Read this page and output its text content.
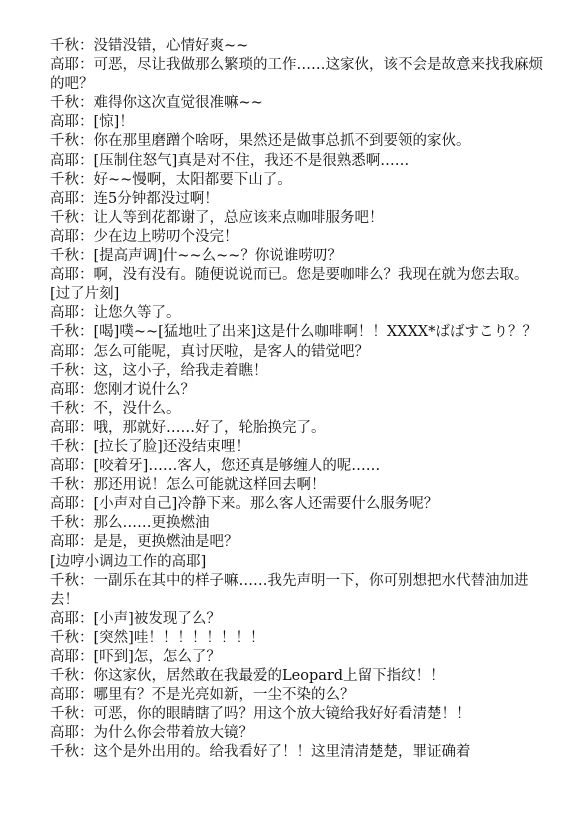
千秋：没错没错，心情好爽~~

高耶：可恶，尽让我做那么繁琐的工作……这家伙，该不会是故意来找我麻烦的吧？

千秋：难得你这次直觉很准嘛~~

高耶：[惊]！

千秋：你在那里磨蹭个啥呀，果然还是做事总抓不到要领的家伙。

高耶：[压制住怒气]真是对不住，我还不是很熟悉啊……

千秋：好~~慢啊，太阳都要下山了。

高耶：连5分钟都没过啊！

千秋：让人等到花都谢了，总应该来点咖啡服务吧！

高耶：少在边上唠叨个没完！

千秋：[提高声调]什~~么~~？你说谁唠叨？

高耶：啊，没有没有。随便说说而已。您是要咖啡么？我现在就为您去取。

[过了片刻]

高耶：让您久等了。

千秋：[喝]噗~~[猛地吐了出来]这是什么咖啡啊！！XXXX*ばばすこり？？

高耶：怎么可能呢，真讨厌啦，是客人的错觉吧？

千秋：这，这小子，给我走着瞧！

高耶：您刚才说什么？

千秋：不，没什么。

高耶：哦，那就好……好了，轮胎换完了。

千秋：[拉长了脸]还没结束哩！

高耶：[咬着牙]……客人，您还真是够缠人的呢……

千秋：那还用说！怎么可能就这样回去啊！

高耶：[小声对自己]冷静下来。那么客人还需要什么服务呢？

千秋：那么……更换燃油

高耶：是是，更换燃油是吧？

[边哼小调边工作的高耶]

千秋：一副乐在其中的样子嘛……我先声明一下，你可别想把水代替油加进去！

高耶：[小声]被发现了么？

千秋：[突然]哇！！！！！！！！

高耶：[吓到]怎，怎么了？

千秋：你这家伙，居然敢在我最爱的Leopard上留下指纹！！

高耶：哪里有？不是光亮如新，一尘不染的么？

千秋：可恶，你的眼睛瞎了吗？用这个放大镜给我好好看清楚！！

高耶：为什么你会带着放大镜？

千秋：这个是外出用的。给我看好了！！这里清清楚楚，罪证确着
